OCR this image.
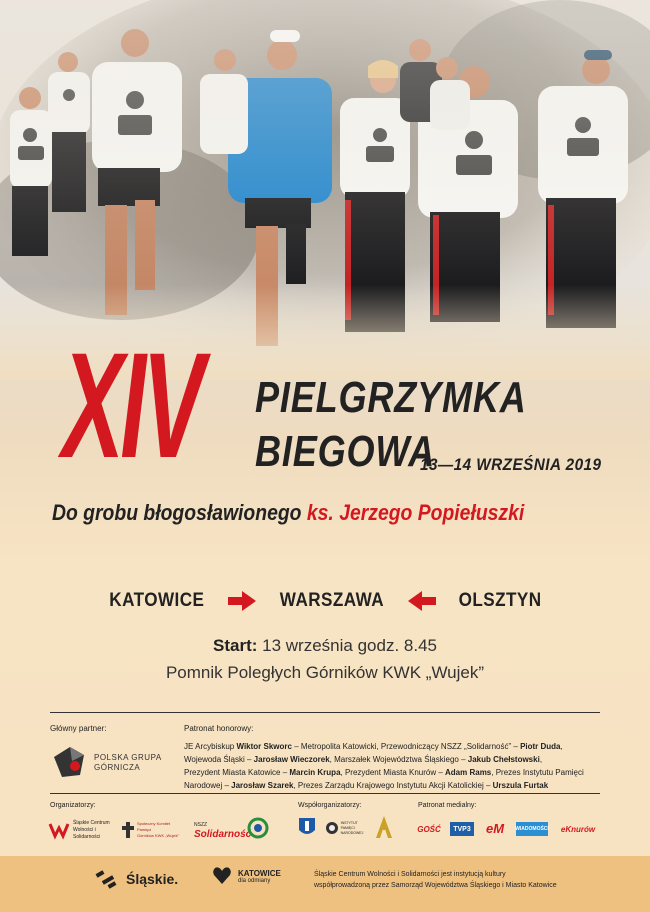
XIV PIELGRZYMKA
BIEGOWA
13—14 WRZEŚNIA 2019
Do grobu błogosławionego ks. Jerzego Popiełuszki
KATOWICE	WARSZAWA	OLSZTYN
Start: 13 września godz. 8.45
Pomnik Poległych Górników KWK „Wujek”
Główny partner:	Patronat honorowy:
POLSKA GRUPA
GÓRNICZA
JE Arcybiskup Wiktor Skworc – Metropolita Katowicki, Przewodniczący NSZZ „Solidarność” – Piotr Duda,
Wojewoda Śląski – Jarosław Wieczorek, Marszałek Województwa Śląskiego – Jakub Chełstowski,
Prezydent Miasta Katowice – Marcin Krupa, Prezydent Miasta Knurów – Adam Rams, Prezes Instytutu Pamięci
Narodowej – Jarosław Szarek, Prezes Zarządu Krajowego Instytutu Akcji Katolickiej – Urszula Furtak
Organizatorzy:	Współorganizatorzy:	Patronat medialny:
Śląskie Centrum
Wolności i Solidarności
Społeczny Komitet Pamięci
Górników KWK „Wujek”
NSZZ
Solidarność
INSTYTUT
PAMIĘCI
NARODOWEJ	GOŚĆ TVP3 eM WIADOMOŚCI eKnurów
Śląskie.	KATOWICE
dla odmiany
Śląskie Centrum Wolności i Solidarności jest instytucją kultury
współprowadzoną przez Samorząd Województwa Śląskiego i Miasto Katowice
